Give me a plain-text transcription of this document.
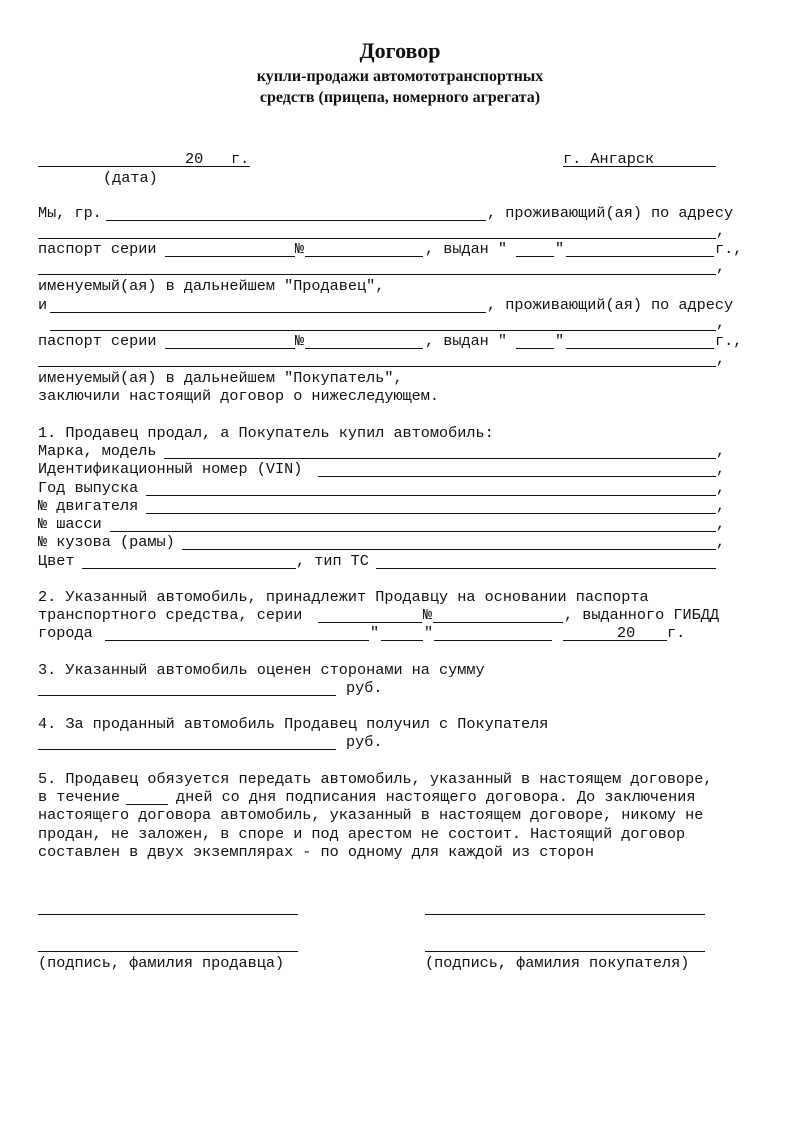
Договор
купли-продажи автомототранспортных
средств (прицепа, номерного агрегата)
20 г.	г. Ангарск
(дата)
Мы, гр.	, проживающий(ая) по адресу
,
паспорт серии	№	, выдан "	"	г.,
,
именуемый(ая) в дальнейшем "Продавец",
и	, проживающий(ая) по адресу
,
паспорт серии	№	, выдан "	"	г.,
,
именуемый(ая) в дальнейшем "Покупатель",
заключили настоящий договор о нижеследующем.
1. Продавец продал, а Покупатель купил автомобиль:
Марка, модель	,
Идентификационный номер (VIN)	,
Год выпуска	,
№ двигателя	,
№ шасси	,
№ кузова (рамы)	,
Цвет	, тип ТС
2. Указанный автомобиль, принадлежит Продавцу на основании паспорта
транспортного средства, серии	№	, выданного ГИБДД
города	"	"	20 г.
3. Указанный автомобиль оценен сторонами на сумму
руб.
4. За проданный автомобиль Продавец получил с Покупателя
руб.
5. Продавец обязуется передать автомобиль, указанный в настоящем договоре,
в течение	дней со дня подписания настоящего договора. До заключения
настоящего договора автомобиль, указанный в настоящем договоре, никому не
продан, не заложен, в споре и под арестом не состоит. Настоящий договор
составлен в двух экземплярах - по одному для каждой из сторон
(подпись, фамилия продавца)	(подпись, фамилия покупателя)
